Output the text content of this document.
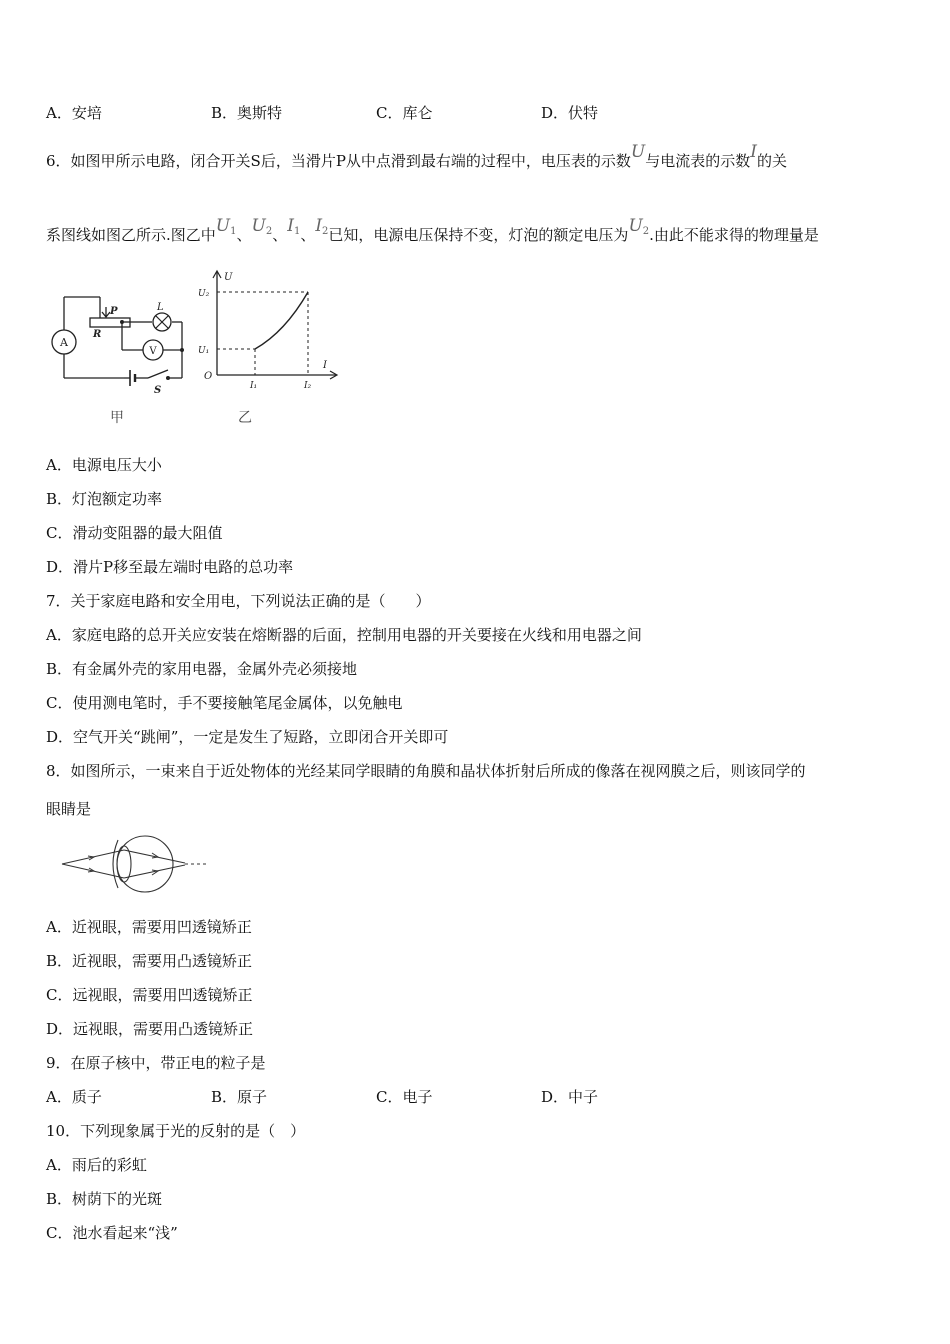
A．安培	B．奥斯特	C．库仑	D．伏特
6．如图甲所示电路，闭合开关S后，当滑片P从中点滑到最右端的过程中，电压表的示数U与电流表的示数I的关
系图线如图乙所示.图乙中$U_1$、$U_2$、$I_1$、$I_2$已知，电源电压保持不变，灯泡的额定电压为$U_2$.由此不能求得的物理量是
A
L
V
P
R
S
甲
U
I
O
U₂
U₁
I₁	I₂
乙
A．电源电压大小
B．灯泡额定功率
C．滑动变阻器的最大阻值
D．滑片P移至最左端时电路的总功率
7．关于家庭电路和安全用电，下列说法正确的是（　　）
A．家庭电路的总开关应安装在熔断器的后面，控制用电器的开关要接在火线和用电器之间
B．有金属外壳的家用电器，金属外壳必须接地
C．使用测电笔时，手不要接触笔尾金属体，以免触电
D．空气开关“跳闸”，一定是发生了短路，立即闭合开关即可
8．如图所示，一束来自于近处物体的光经某同学眼睛的角膜和晶状体折射后所成的像落在视网膜之后，则该同学的
眼睛是
A．近视眼，需要用凹透镜矫正
B．近视眼，需要用凸透镜矫正
C．远视眼，需要用凹透镜矫正
D．远视眼，需要用凸透镜矫正
9．在原子核中，带正电的粒子是
A．质子	B．原子	C．电子	D．中子
10．下列现象属于光的反射的是（　）
A．雨后的彩虹
B．树荫下的光斑
C．池水看起来“浅”
